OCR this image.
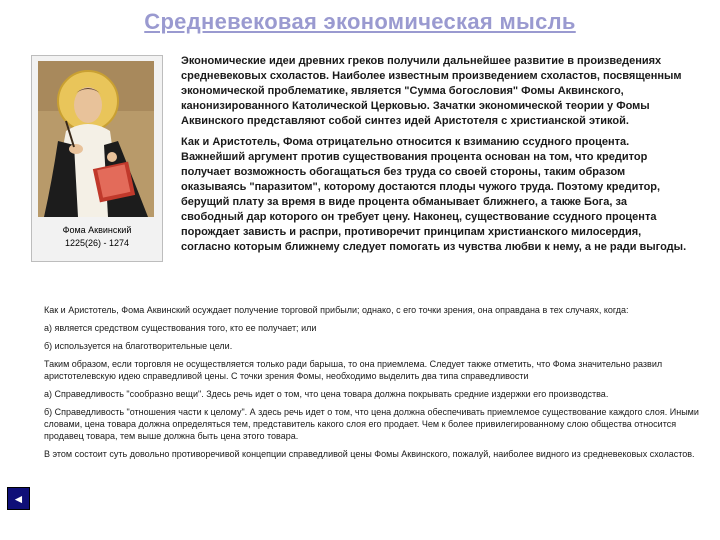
Средневековая экономическая мысль
Фома Аквинский
1225(26) - 1274

Экономические идеи древних греков получили дальнейшее развитие в произведениях средневековых схоластов. Наиболее известным произведением схоластов, посвященным экономической проблематике, является "Сумма богословия" Фомы Аквинского, канонизированного Католической Церковью. Зачатки экономической теории у Фомы Аквинского представляют собой синтез идей Аристотеля с христианской этикой.

Как и Аристотель, Фома отрицательно относится к взиманию ссудного процента. Важнейший аргумент против существования процента основан на том, что кредитор получает возможность обогащаться без труда со своей стороны, таким образом оказываясь "паразитом", которому достаются плоды чужого труда. Поэтому кредитор, берущий плату за время в виде процента обманывает ближнего, а также Бога, за свободный дар которого он требует цену. Наконец, существование ссудного процента порождает зависть и распри, противоречит принципам христианского милосердия, согласно которым ближнему следует помогать из чувства любви к нему, а не ради выгоды.

Как и Аристотель, Фома Аквинский осуждает получение торговой прибыли; однако, с его точки зрения, она оправдана в тех случаях, когда:

а) является средством существования того, кто ее получает; или

б) используется на благотворительные цели.

Таким образом, если торговля не осуществляется только ради барыша, то она приемлема. Следует также отметить, что Фома значительно развил аристотелевскую идею справедливой цены. С точки зрения Фомы, необходимо выделить два типа справедливости

а) Справедливость "сообразно вещи". Здесь речь идет о том, что цена товара должна покрывать средние издержки его производства.

б) Справедливость "отношения части к целому". А здесь речь идет о том, что цена должна обеспечивать приемлемое существование каждого слоя. Иными словами, цена товара должна определяться тем, представитель какого слоя его продает. Чем к более привилегированному слою общества относится продавец товара, тем выше должна быть цена этого товара.

В этом состоит суть довольно противоречивой концепции справедливой цены Фомы Аквинского, пожалуй, наиболее видного из средневековых схоластов.

◄
